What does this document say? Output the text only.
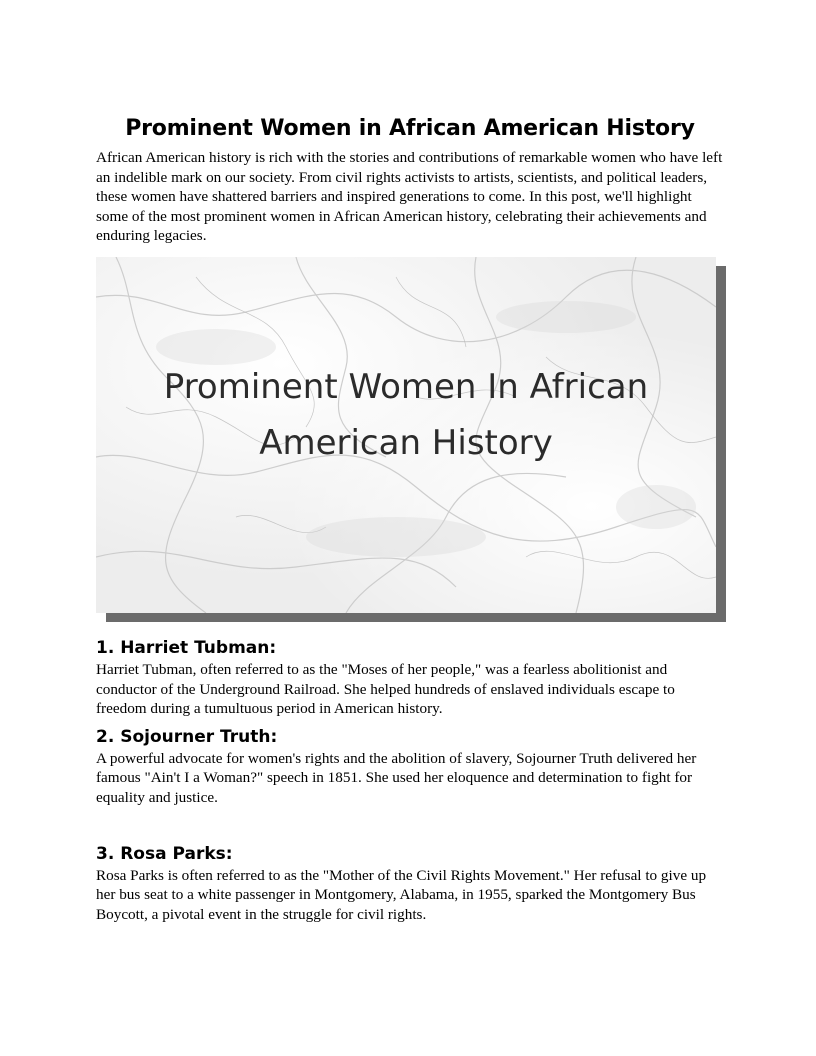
Prominent Women in African American History

African American history is rich with the stories and contributions of remarkable women who have left an indelible mark on our society. From civil rights activists to artists, scientists, and political leaders, these women have shattered barriers and inspired generations to come. In this post, we'll highlight some of the most prominent women in African American history, celebrating their achievements and enduring legacies.

Prominent Women In African
American History
1. Harriet Tubman:

Harriet Tubman, often referred to as the "Moses of her people," was a fearless abolitionist and conductor of the Underground Railroad. She helped hundreds of enslaved individuals escape to freedom during a tumultuous period in American history.

2. Sojourner Truth:

A powerful advocate for women's rights and the abolition of slavery, Sojourner Truth delivered her famous "Ain't I a Woman?" speech in 1851. She used her eloquence and determination to fight for equality and justice.

3. Rosa Parks:

Rosa Parks is often referred to as the "Mother of the Civil Rights Movement." Her refusal to give up her bus seat to a white passenger in Montgomery, Alabama, in 1955, sparked the Montgomery Bus Boycott, a pivotal event in the struggle for civil rights.
